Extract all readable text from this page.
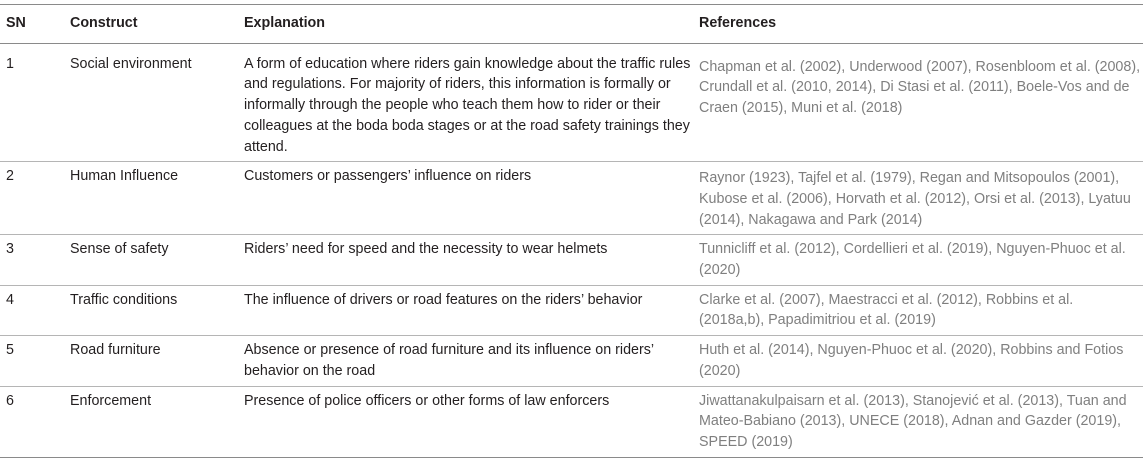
SN	Construct	Explanation	References
1	Social environment	A form of education where riders gain knowledge about the traffic rules and regulations. For majority of riders, this information is formally or informally through the people who teach them how to rider or their colleagues at the boda boda stages or at the road safety trainings they attend.	Chapman et al. (2002), Underwood (2007), Rosenbloom et al. (2008), Crundall et al. (2010, 2014), Di Stasi et al. (2011), Boele-Vos and de Craen (2015), Muni et al. (2018)
2	Human Influence	Customers or passengers’ influence on riders	Raynor (1923), Tajfel et al. (1979), Regan and Mitsopoulos (2001), Kubose et al. (2006), Horvath et al. (2012), Orsi et al. (2013), Lyatuu (2014), Nakagawa and Park (2014)
3	Sense of safety	Riders’ need for speed and the necessity to wear helmets	Tunnicliff et al. (2012), Cordellieri et al. (2019), Nguyen-Phuoc et al. (2020)
4	Traffic conditions	The influence of drivers or road features on the riders’ behavior	Clarke et al. (2007), Maestracci et al. (2012), Robbins et al. (2018a,b), Papadimitriou et al. (2019)
5	Road furniture	Absence or presence of road furniture and its influence on riders’ behavior on the road	Huth et al. (2014), Nguyen-Phuoc et al. (2020), Robbins and Fotios (2020)
6	Enforcement	Presence of police officers or other forms of law enforcers	Jiwattanakulpaisarn et al. (2013), Stanojević et al. (2013), Tuan and Mateo-Babiano (2013), UNECE (2018), Adnan and Gazder (2019), SPEED (2019)
